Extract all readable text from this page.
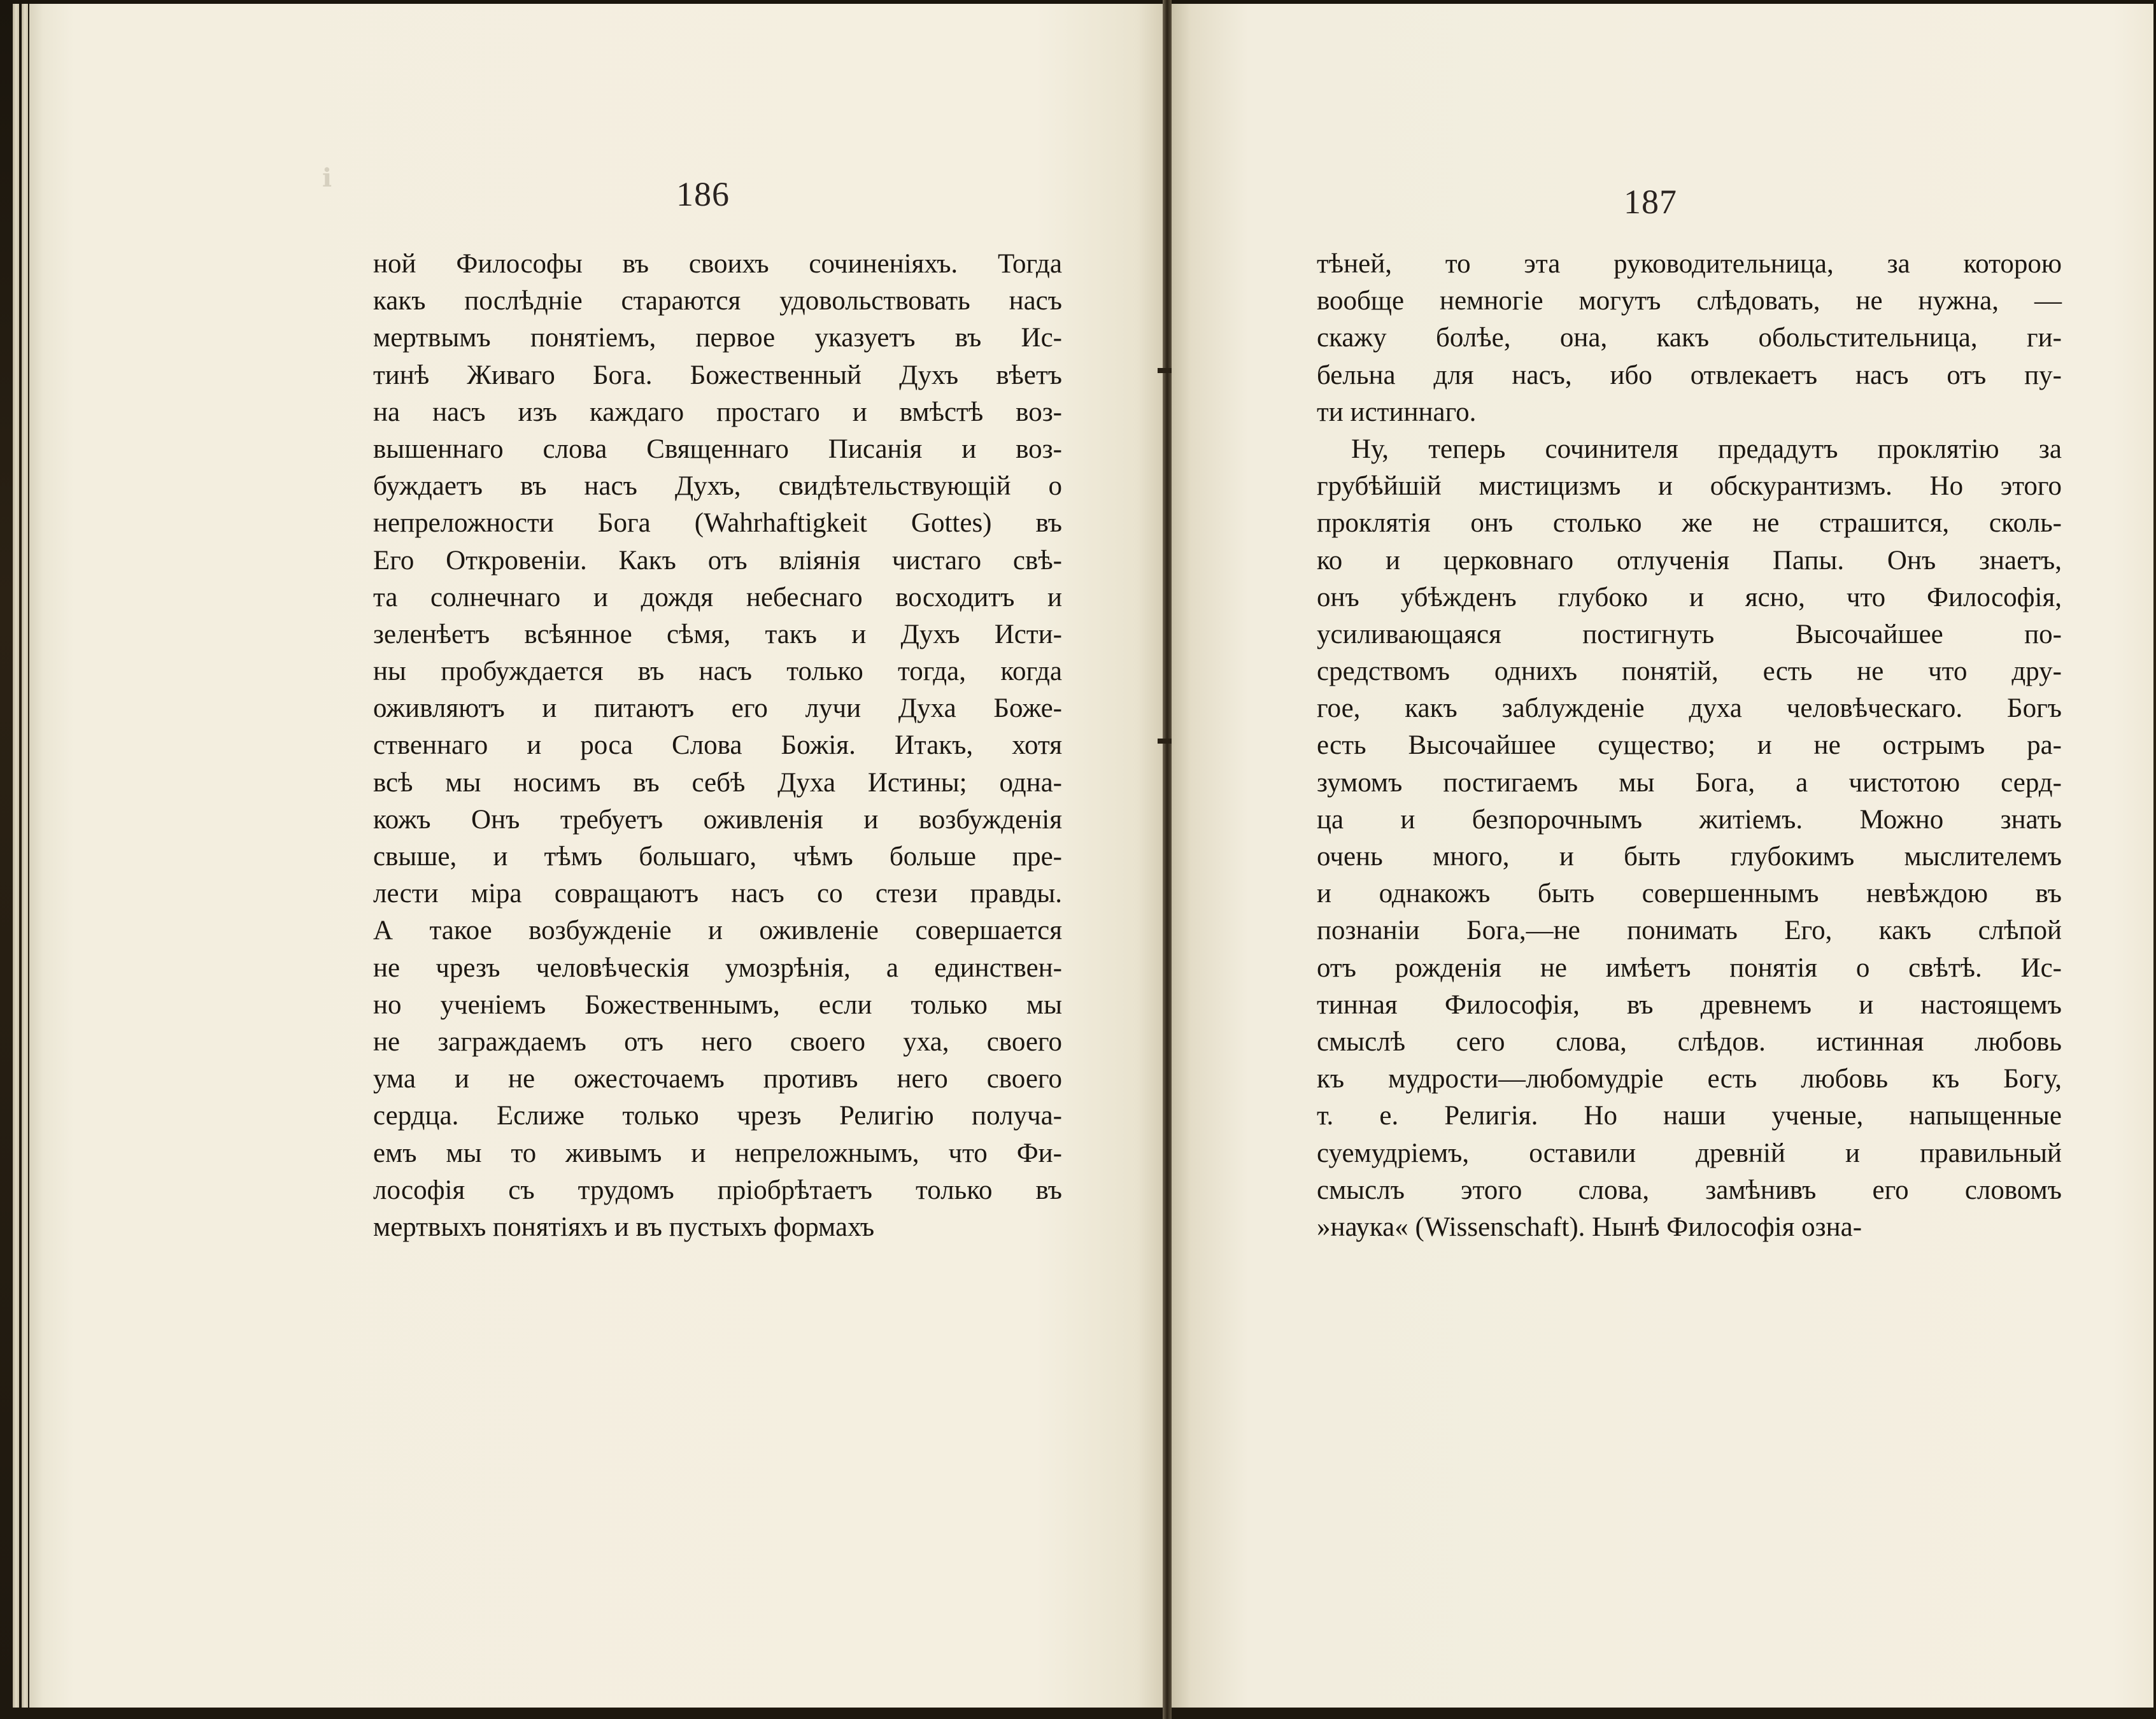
ℹ	186
ной Философы въ своихъ сочиненіяхъ. Тогда
какъ послѣдніе стараются удовольствовать насъ
мертвымъ понятіемъ, первое указуетъ въ Ис-
тинѣ Живаго Бога. Божественный Духъ вѣетъ
на насъ изъ каждаго простаго и вмѣстѣ воз-
вышеннаго слова Священнаго Писанія и воз-
буждаетъ въ насъ Духъ, свидѣтельствующій о
непреложности Бога (Wahrhaftigkeit Gottes) въ
Его Откровеніи. Какъ отъ вліянія чистаго свѣ-
та солнечнаго и дождя небеснаго восходитъ и
зеленѣетъ всѣянное сѣмя, такъ и Духъ Исти-
ны пробуждается въ насъ только тогда, когда
оживляютъ и питаютъ его лучи Духа Боже-
ственнаго и роса Слова Божія. Итакъ, хотя
всѣ мы носимъ въ себѣ Духа Истины; одна-
кожъ Онъ требуетъ оживленія и возбужденія
свыше, и тѣмъ большаго, чѣмъ больше пре-
лести міра совращаютъ насъ со стези правды.
А такое возбужденіе и оживленіе совершается
не чрезъ человѣческія умозрѣнія, а единствен-
но ученіемъ Божественнымъ, если только мы
не заграждаемъ отъ него своего уха, своего
ума и не ожесточаемъ противъ него своего
сердца. Еслиже только чрезъ Религію получа-
емъ мы то живымъ и непреложнымъ, что Фи-
лософія съ трудомъ пріобрѣтаетъ только въ
мертвыхъ понятіяхъ и въ пустыхъ формахъ
187
тѣней, то эта руководительница, за которою
вообще немногіе могутъ слѣдовать, не нужна, —
скажу болѣе, она, какъ обольстительница, ги-
бельна для насъ, ибо отвлекаетъ насъ отъ пу-
ти истиннаго.
Ну, теперь сочинителя предадутъ проклятію за
грубѣйшій мистицизмъ и обскурантизмъ. Но этого
проклятія онъ столько же не страшится, сколь-
ко и церковнаго отлученія Папы. Онъ знаетъ,
онъ убѣжденъ глубоко и ясно, что Философія,
усиливающаяся постигнуть Высочайшее по-
средствомъ однихъ понятій, есть не что дру-
гое, какъ заблужденіе духа человѣческаго. Богъ
есть Высочайшее существо; и не острымъ ра-
зумомъ постигаемъ мы Бога, а чистотою серд-
ца и безпорочнымъ житіемъ. Можно знать
очень много, и быть глубокимъ мыслителемъ
и однакожъ быть совершеннымъ невѣждою въ
познаніи Бога,—не понимать Его, какъ слѣпой
отъ рожденія не имѣетъ понятія о свѣтѣ. Ис-
тинная Философія, въ древнемъ и настоящемъ
смыслѣ сего слова, слѣдов. истинная любовь
къ мудрости—любомудріе есть любовь къ Богу,
т. е. Религія. Но наши ученые, напыщенные
суемудріемъ, оставили древній и правильный
смыслъ этого слова, замѣнивъ его словомъ
»наука« (Wissenschaft). Нынѣ Философія озна-
